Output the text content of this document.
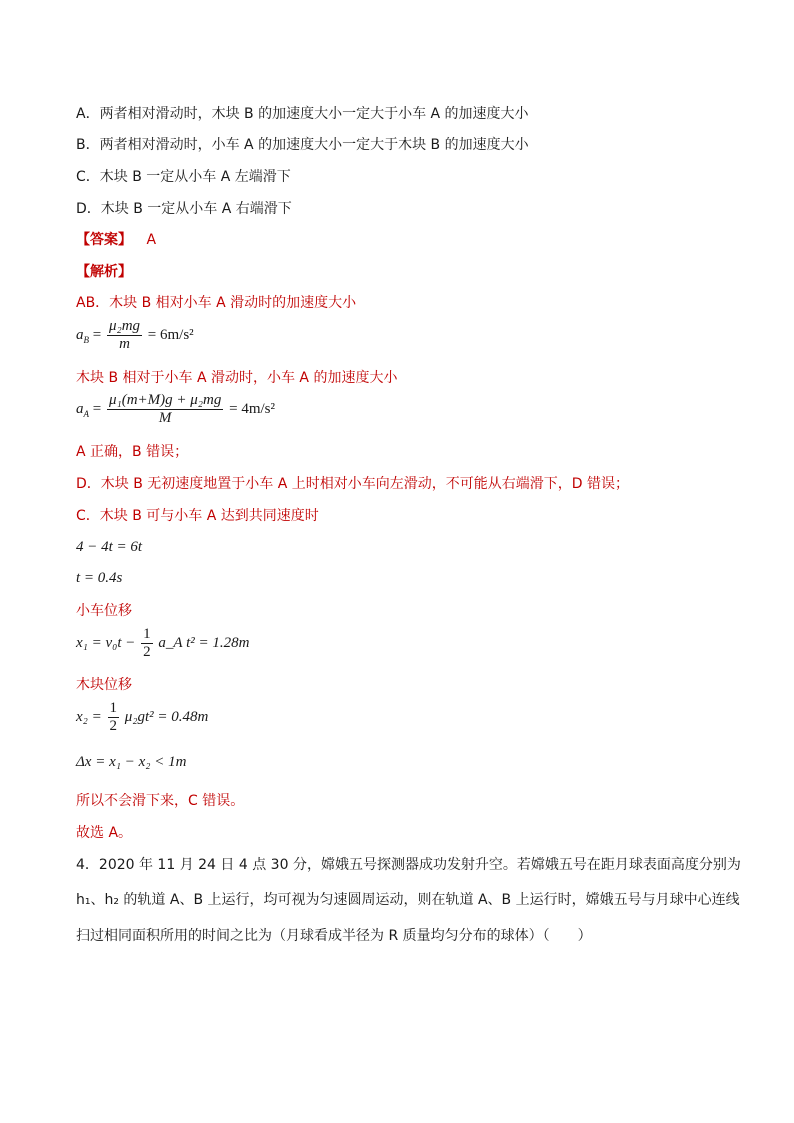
A．两者相对滑动时，木块 B 的加速度大小一定大于小车 A 的加速度大小
B．两者相对滑动时，小车 A 的加速度大小一定大于木块 B 的加速度大小
C．木块 B 一定从小车 A 左端滑下
D．木块 B 一定从小车 A 右端滑下
【答案】 A
【解析】
AB．木块 B 相对小车 A 滑动时的加速度大小
$a_B = \frac{\text{μ₂mg}}{m} = 6m/s^2$
木块 B 相对于小车 A 滑动时，小车 A 的加速度大小
$a_A = \frac{\text{μ₁(m+M)g + μ₂mg}}{M} = 4m/s^2$
A 正确，B 错误；
D．木块 B 无初速度地置于小车 A 上时相对小车向左滑动，不可能从右端滑下，D 错误；
C．木块 B 可与小车 A 达到共同速度时
4 − 4t = 6t
t = 0.4s
小车位移
$x_1 = v_0t - \frac{1}{2}$ a_A t² = 1.28m
木块位移
$x_2 = \frac{1}{2} \mu_2gt^2 = 0.48m$
Δx = x₁ − x₂ < 1m
所以不会滑下来，C 错误。
故选 A。
4．2020 年 11 月 24 日 4 点 30 分，嫦娥五号探测器成功发射升空。若嫦娥五号在距月球表面高度分别为
h₁、h₂ 的轨道 A、B 上运行，均可视为匀速圆周运动，则在轨道 A、B 上运行时，嫦娥五号与月球中心连线
扫过相同面积所用的时间之比为（月球看成半径为 R 质量均匀分布的球体）（　　）
